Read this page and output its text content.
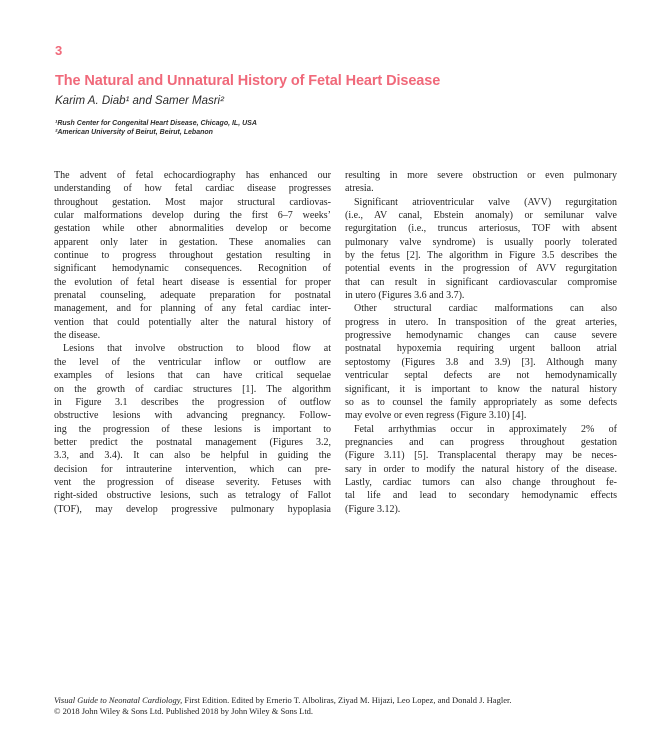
3
The Natural and Unnatural History of Fetal Heart Disease
Karim A. Diab¹ and Samer Masri²
¹Rush Center for Congenital Heart Disease, Chicago, IL, USA
²American University of Beirut, Beirut, Lebanon
The advent of fetal echocardiography has enhanced our
understanding of how fetal cardiac disease progresses
throughout gestation. Most major structural cardiovas-
cular malformations develop during the first 6–7 weeks’
gestation while other abnormalities develop or become
apparent only later in gestation. These anomalies can
continue to progress throughout gestation resulting in
significant hemodynamic consequences. Recognition of
the evolution of fetal heart disease is essential for proper
prenatal counseling, adequate preparation for postnatal
management, and for planning of any fetal cardiac inter-
vention that could potentially alter the natural history of
the disease.
Lesions that involve obstruction to blood flow at
the level of the ventricular inflow or outflow are
examples of lesions that can have critical sequelae
on the growth of cardiac structures [1]. The algorithm
in Figure 3.1 describes the progression of outflow
obstructive lesions with advancing pregnancy. Follow-
ing the progression of these lesions is important to
better predict the postnatal management (Figures 3.2,
3.3, and 3.4). It can also be helpful in guiding the
decision for intrauterine intervention, which can pre-
vent the progression of disease severity. Fetuses with
right-sided obstructive lesions, such as tetralogy of Fallot
(TOF), may develop progressive pulmonary hypoplasia
resulting in more severe obstruction or even pulmonary
atresia.
Significant atrioventricular valve (AVV) regurgitation
(i.e., AV canal, Ebstein anomaly) or semilunar valve
regurgitation (i.e., truncus arteriosus, TOF with absent
pulmonary valve syndrome) is usually poorly tolerated
by the fetus [2]. The algorithm in Figure 3.5 describes the
potential events in the progression of AVV regurgitation
that can result in significant cardiovascular compromise
in utero (Figures 3.6 and 3.7).
Other structural cardiac malformations can also
progress in utero. In transposition of the great arteries,
progressive hemodynamic changes can cause severe
postnatal hypoxemia requiring urgent balloon atrial
septostomy (Figures 3.8 and 3.9) [3]. Although many
ventricular septal defects are not hemodynamically
significant, it is important to know the natural history
so as to counsel the family appropriately as some defects
may evolve or even regress (Figure 3.10) [4].
Fetal arrhythmias occur in approximately 2% of
pregnancies and can progress throughout gestation
(Figure 3.11) [5]. Transplacental therapy may be neces-
sary in order to modify the natural history of the disease.
Lastly, cardiac tumors can also change throughout fe-
tal life and lead to secondary hemodynamic effects
(Figure 3.12).
Visual Guide to Neonatal Cardiology, First Edition. Edited by Ernerio T. Alboliras, Ziyad M. Hijazi, Leo Lopez, and Donald J. Hagler.
© 2018 John Wiley & Sons Ltd. Published 2018 by John Wiley & Sons Ltd.
